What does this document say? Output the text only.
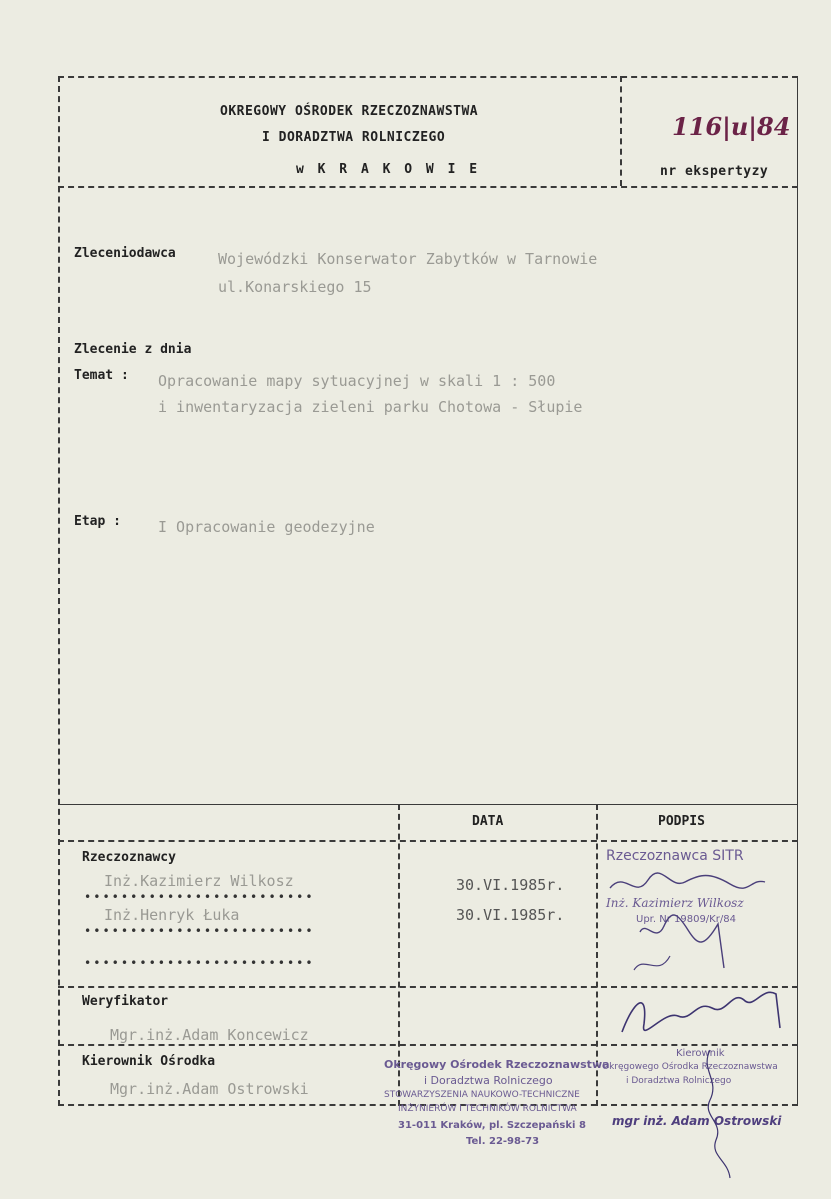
OKREGOWY OŚRODEK RZECZOZNAWSTWA
I DORADZTWA ROLNICZEGO
w K R A K O W I E
116|u|84
nr ekspertyzy
Zleceniodawca	Wojewódzki Konserwator Zabytków w Tarnowie
ul.Konarskiego 15
Zlecenie z dnia
Temat : Opracowanie mapy sytuacyjnej w skali 1 : 500
i inwentaryzacja zieleni parku Chotowa - Słupie
Etap : I Opracowanie geodezyjne
DATA	PODPIS
Rzeczoznawcy
Inż.Kazimierz Wilkosz
•••••••••••••••••••••••••
30.VI.1985r.
Inż.Henryk Łuka
•••••••••••••••••••••••••
30.VI.1985r.
•••••••••••••••••••••••••
Rzeczoznawca SITR
Inż. Kazimierz Wilkosz
Upr. Nr 19809/Kr/84
Weryfikator
Mgr.inż.Adam Koncewicz
Kierownik Ośrodka
Mgr.inż.Adam Ostrowski
Okręgowy Ośrodek Rzeczoznawstwa
i Doradztwa Rolniczego
STOWARZYSZENIA NAUKOWO-TECHNICZNE
INŻYNIERÓW I TECHNIKÓW ROLNICTWA
31-011 Kraków, pl. Szczepański 8
Tel. 22-98-73
Kierownik
Okręgowego Ośrodka Rzeczoznawstwa
i Doradztwa Rolniczego
mgr inż. Adam Ostrowski
